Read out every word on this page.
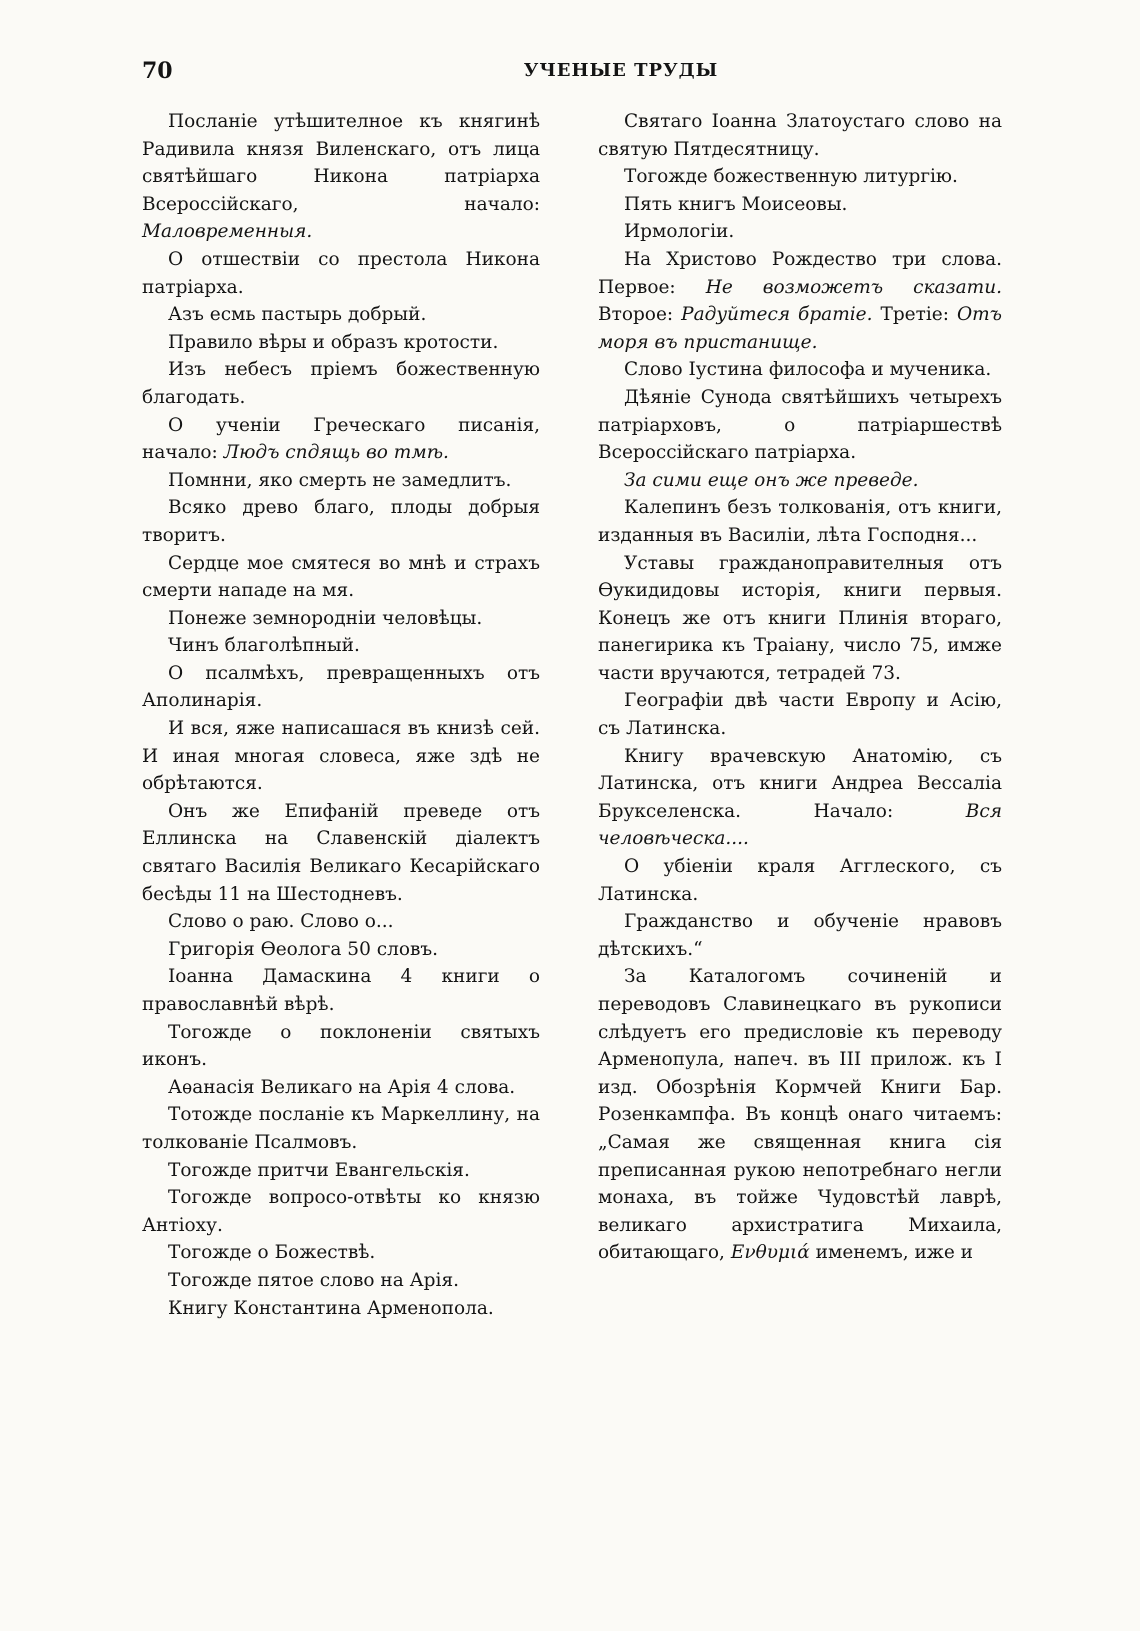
70	УЧЕНЫЕ ТРУДЫ

Посланіе утѣшителное къ княгинѣ Радивила князя Виленскаго, отъ лица святѣйшаго Никона патріарха Всероссійскаго, начало: Маловременныя.

О отшествіи со престола Никона патріарха.

Азъ есмь пастырь добрый.

Правило вѣры и образъ кротости.

Изъ небесъ пріемъ божественную благодать.

О ученіи Греческаго писанія, начало: Людъ спдящь во тмѣ.

Помнни, яко смерть не замедлитъ.

Всяко древо благо, плоды добрыя творитъ.

Сердце мое смятеся во мнѣ и страхъ смерти нападе на мя.

Понеже земнородніи человѣцы.

Чинъ благолѣпный.

О псалмѣхъ, превращенныхъ отъ Аполинарія.

И вся, яже написашася въ книзѣ сей. И иная многая словеса, яже здѣ не обрѣтаются.

Онъ же Епифаній преведе отъ Еллинска на Славенскій діалектъ святаго Василія Великаго Кесарійскаго бесѣды 11 на Шестодневъ.

Слово о раю. Слово о...

Григорія Ѳеолога 50 словъ.

Іоанна Дамаскина 4 книги о православнѣй вѣрѣ.

Тогожде о поклоненіи святыхъ иконъ.

Аѳанасія Великаго на Арія 4 слова.

Тотожде посланіе къ Маркеллину, на толкованіе Псалмовъ.

Тогожде притчи Евангельскія.

Тогожде вопросо-отвѣты ко князю Антіоху.

Тогожде о Божествѣ.

Тогожде пятое слово на Арія.

Книгу Константина Арменопола.

Святаго Іоанна Златоустаго слово на святую Пятдесятницу.

Тогожде божественную литургію.

Пять книгъ Моисеовы.

Ирмологіи.

На Христово Рождество три слова. Первое: Не возможетъ сказати. Второе: Радуйтеся братіе. Третіе: Отъ моря въ пристанище.

Слово Іустина философа и мученика.

Дѣяніе Сунода святѣйшихъ четырехъ патріарховъ, о патріаршествѣ Всероссійскаго патріарха.

За сими еще онъ же преведе.

Калепинъ безъ толкованія, отъ книги, изданныя въ Василіи, лѣта Господня...

Уставы гражданоправителныя отъ Ѳукидидовы исторія, книги первыя. Конецъ же отъ книги Плинія втораго, панегирика къ Траіану, число 75, имже части вручаются, тетрадей 73.

Географіи двѣ части Европу и Асію, съ Латинска.

Книгу врачевскую Анатомію, съ Латинска, отъ книги Андреа Вессаліа Брукселенска. Начало:	Вся человѣческа....

О убіеніи краля Агглеского, съ Латинска.

Гражданство и обученіе нравовъ дѣтскихъ.“

За Каталогомъ сочиненій и переводовъ Славинецкаго въ рукописи слѣдуетъ его предисловіе къ переводу Арменопула, напеч. въ III прилож. къ I изд. Обозрѣнія Кормчей Книги Бар. Розенкампфа. Въ концѣ онаго читаемъ: „Самая же священная книга сія преписанная рукою непотребнаго негли монаха, въ тойже Чудовстѣй лаврѣ, великаго архистратига Михаила, обитающаго, Ενθυμιά именемъ, иже и
